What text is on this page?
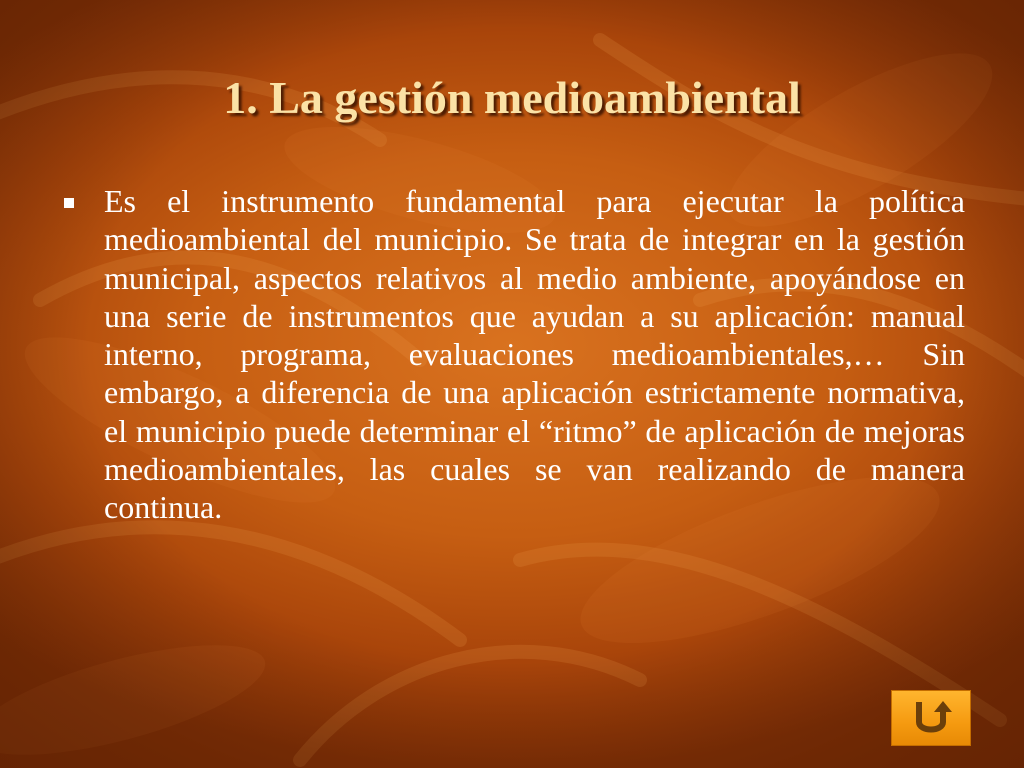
1. La gestión medioambiental

Es el instrumento fundamental para ejecutar la política medioambiental del municipio. Se trata de integrar en la gestión municipal, aspectos relativos al medio ambiente, apoyándose en una serie de instrumentos que ayudan a su aplicación: manual interno, programa, evaluaciones medioambientales,… Sin embargo, a diferencia de una aplicación estrictamente normativa, el municipio puede determinar el “ritmo” de aplicación de mejoras medioambientales, las cuales se van realizando de manera continua.
